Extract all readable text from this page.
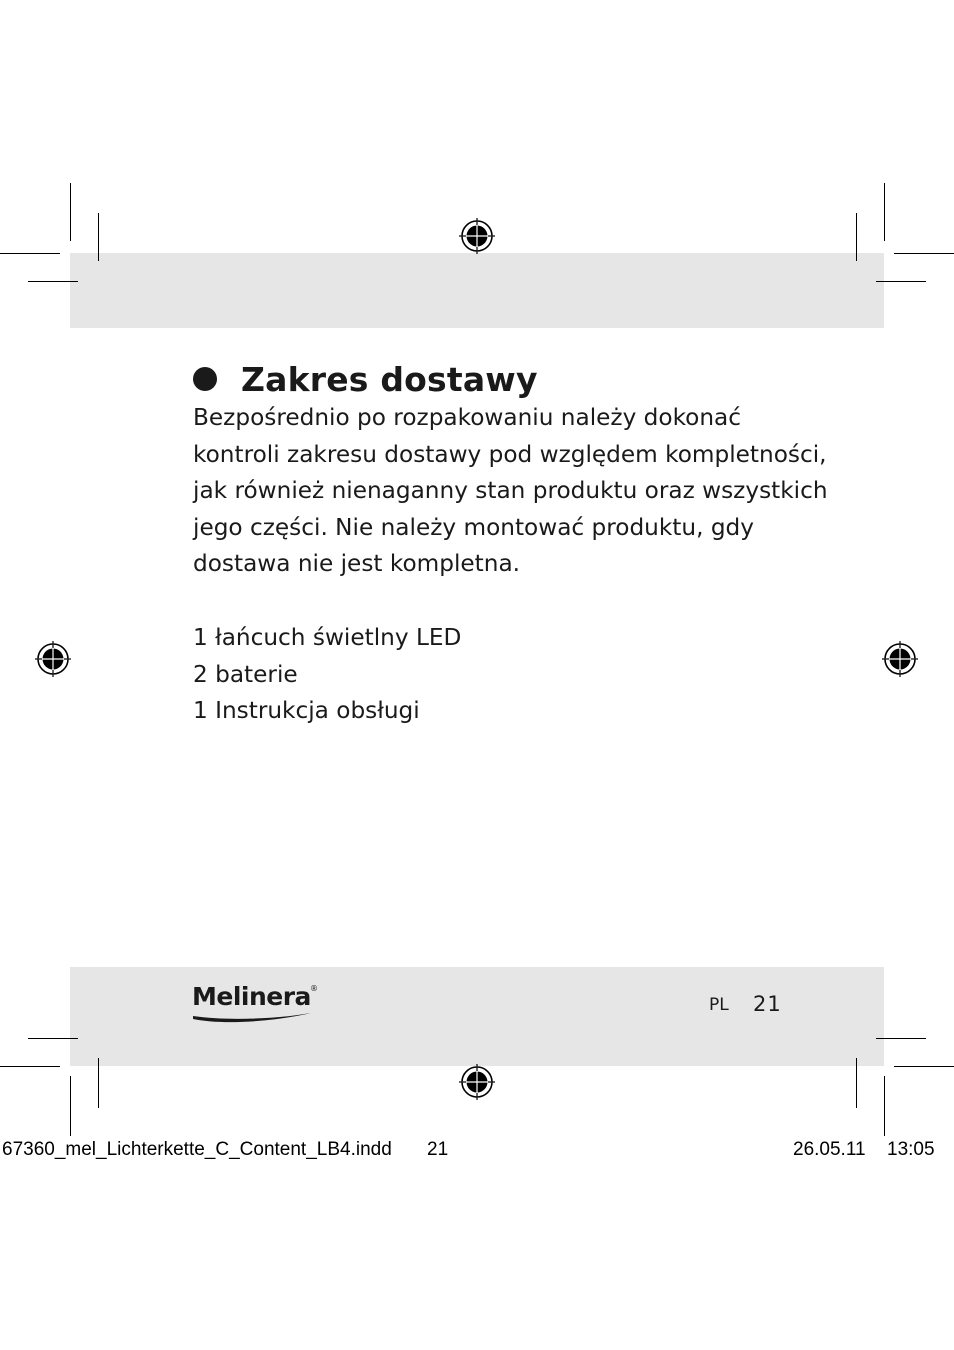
Zakres dostawy

Bezpośrednio po rozpakowaniu należy dokonać kontroli zakresu dostawy pod względem kompletności, jak również nienaganny stan produktu oraz wszystkich jego części. Nie należy montować produktu, gdy dostawa nie jest kompletna.

1 łańcuch świetlny LED
2 baterie
1 Instrukcja obsługi
Melinera ®
PL 21
67360_mel_Lichterkette_C_Content_LB4.indd 21	26.05.11 13:05
